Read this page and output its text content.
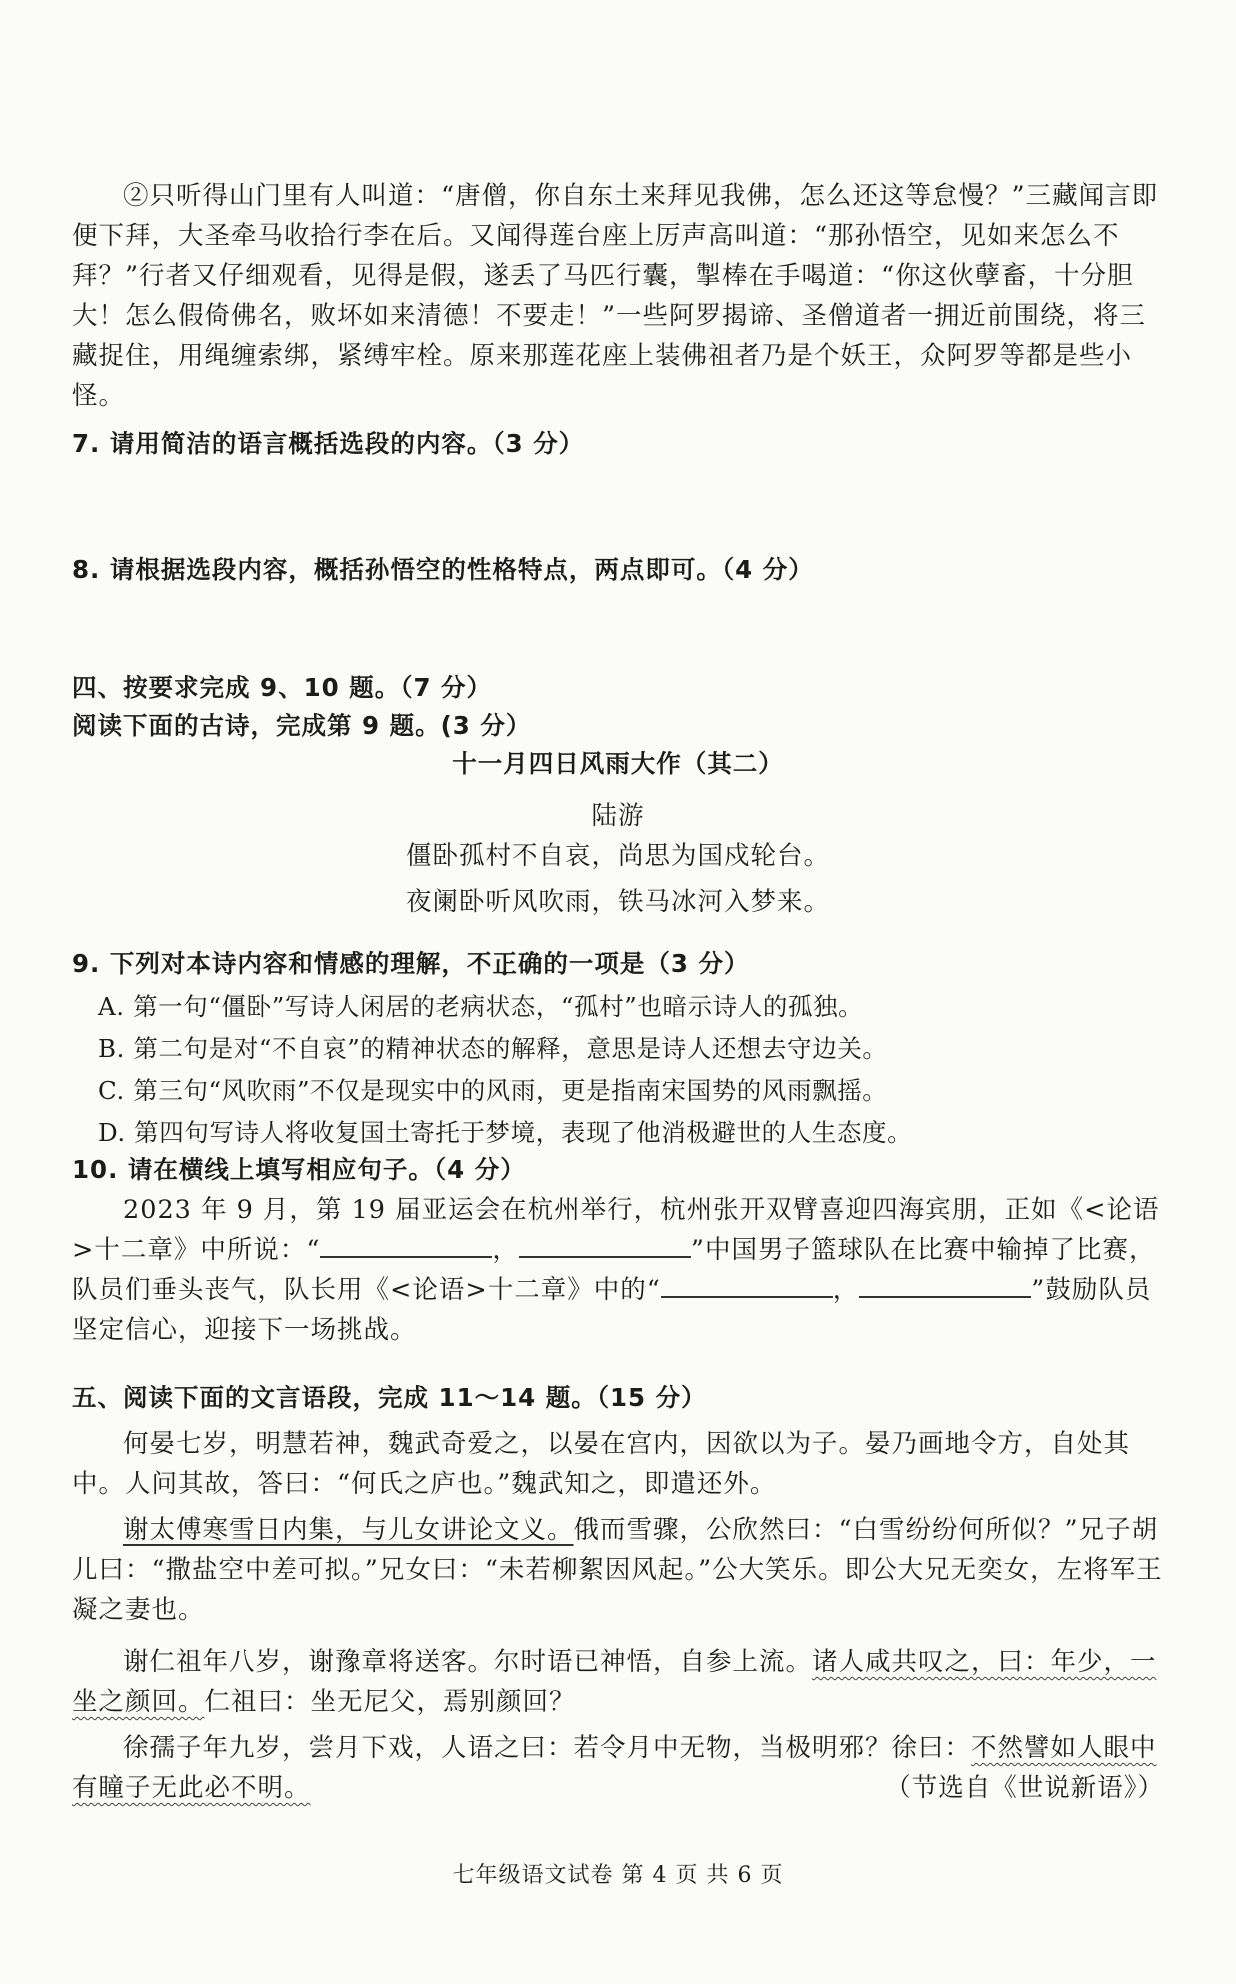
②只听得山门里有人叫道：“唐僧，你自东土来拜见我佛，怎么还这等怠慢？”三藏闻言即便下拜，大圣牵马收拾行李在后。又闻得莲台座上厉声高叫道：“那孙悟空，见如来怎么不拜？”行者又仔细观看，见得是假，遂丢了马匹行囊，掣棒在手喝道：“你这伙孽畜，十分胆大！怎么假倚佛名，败坏如来清德！不要走！”一些阿罗揭谛、圣僧道者一拥近前围绕，将三藏捉住，用绳缠索绑，紧缚牢栓。原来那莲花座上装佛祖者乃是个妖王，众阿罗等都是些小怪。

7. 请用简洁的语言概括选段的内容。（3 分）

8. 请根据选段内容，概括孙悟空的性格特点，两点即可。（4 分）

四、按要求完成 9、10 题。（7 分）

阅读下面的古诗，完成第 9 题。(3 分）

十一月四日风雨大作（其二）

陆游

僵卧孤村不自哀，尚思为国戍轮台。

夜阑卧听风吹雨，铁马冰河入梦来。

9. 下列对本诗内容和情感的理解，不正确的一项是（3 分）

A. 第一句“僵卧”写诗人闲居的老病状态，“孤村”也暗示诗人的孤独。

B. 第二句是对“不自哀”的精神状态的解释，意思是诗人还想去守边关。

C. 第三句“风吹雨”不仅是现实中的风雨，更是指南宋国势的风雨飘摇。

D. 第四句写诗人将收复国土寄托于梦境，表现了他消极避世的人生态度。

10. 请在横线上填写相应句子。（4 分）

2023 年 9 月，第 19 届亚运会在杭州举行，杭州张开双臂喜迎四海宾朋，正如《<论语>十二章》中所说：“	，	”中国男子篮球队在比赛中输掉了比赛，队员们垂头丧气，队长用《<论语>十二章》中的“	，	”鼓励队员坚定信心，迎接下一场挑战。

五、阅读下面的文言语段，完成 11～14 题。（15 分）

何晏七岁，明慧若神，魏武奇爱之，以晏在宫内，因欲以为子。晏乃画地令方，自处其中。人问其故，答曰：“何氏之庐也。”魏武知之，即遣还外。

谢太傅寒雪日内集，与儿女讲论文义。俄而雪骤，公欣然曰：“白雪纷纷何所似？”兄子胡儿曰：“撒盐空中差可拟。”兄女曰：“未若柳絮因风起。”公大笑乐。即公大兄无奕女，左将军王凝之妻也。

谢仁祖年八岁，谢豫章将送客。尔时语已神悟，自参上流。诸人咸共叹之，曰：年少，一坐之颜回。仁祖曰：坐无尼父，焉别颜回？

徐孺子年九岁，尝月下戏，人语之曰：若令月中无物，当极明邪？徐曰：不然譬如人眼中有瞳子无此必不明。	（节选自《世说新语》）

七年级语文试卷 第 4 页 共 6 页
